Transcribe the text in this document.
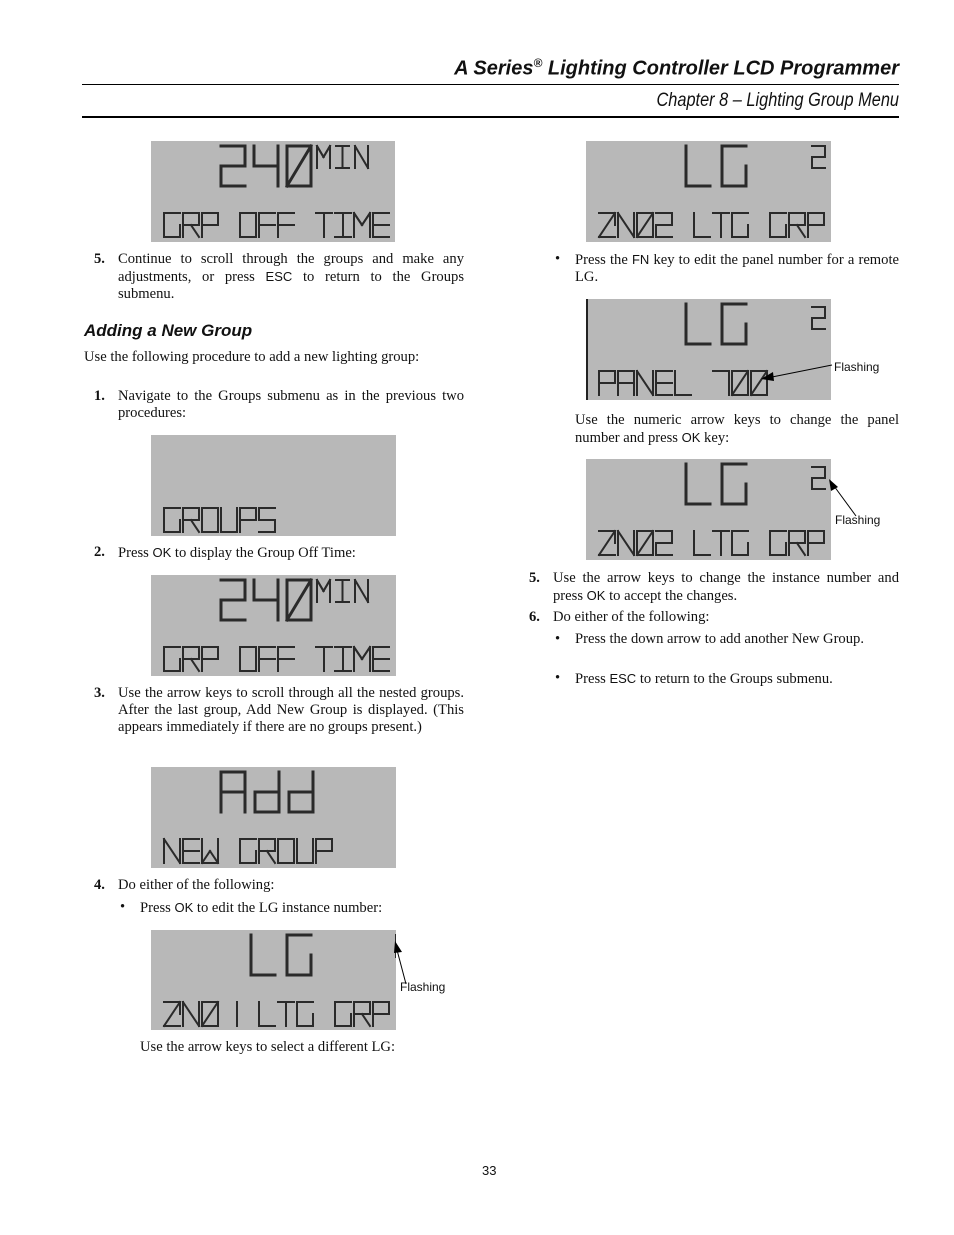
A Series® Lighting Controller LCD Programmer
Chapter 8 – Lighting Group Menu
5. Continue to scroll through the groups and make any adjustments, or press ESC to return to the Groups submenu.
Adding a New Group
Use the following procedure to add a new lighting group:
1. Navigate to the Groups submenu as in the previous two procedures:
2. Press OK to display the Group Off Time:
3. Use the arrow keys to scroll through all the nested groups. After the last group, Add New Group is displayed. (This appears immediately if there are no groups present.)
4. Do either of the following:
• Press OK to edit the LG instance number:
Flashing
Use the arrow keys to select a different LG:
• Press the FN key to edit the panel number for a remote LG.
Flashing
Use the numeric arrow keys to change the panel number and press OK key:
Flashing
5. Use the arrow keys to change the instance number and press OK to accept the changes.
6. Do either of the following:
• Press the down arrow to add another New Group.
• Press ESC to return to the Groups submenu.
33
